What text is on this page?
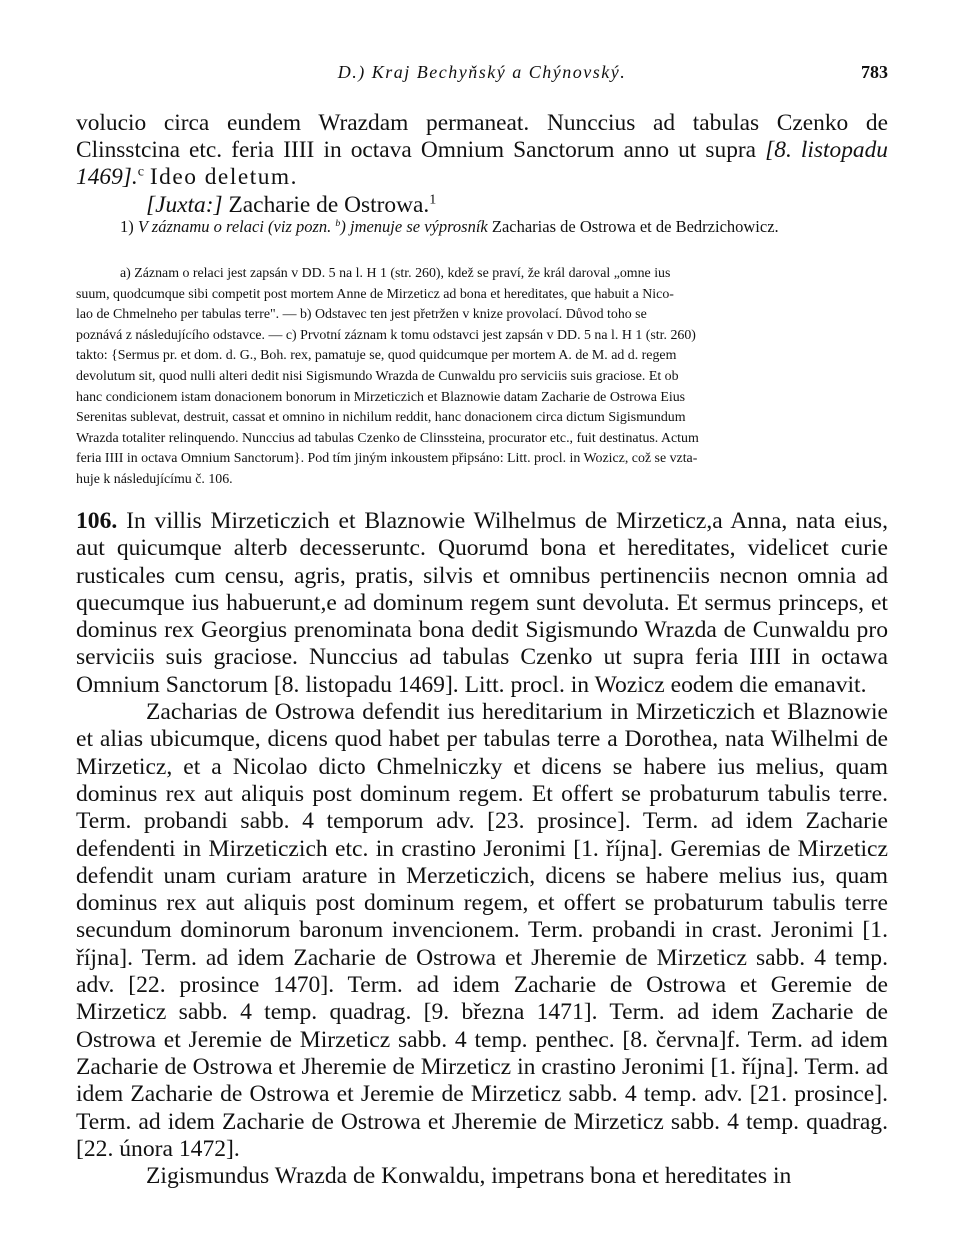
D.) Kraj Bechyňský a Chýnovský.	783

volucio circa eundem Wrazdam permaneat. Nunccius ad tabulas Czenko de Clinsstcina etc. feria IIII in octava Omnium Sanctorum anno ut supra [8. listopadu 1469].$^c$ Ideo deletum.

[Juxta:] Zacharie de Ostrowa.$^1$

1) V záznamu o relaci (viz pozn. $^b$) jmenuje se výprosník Zacharias de Ostrowa et de Bedrzichowicz.
a) Záznam o relaci jest zapsán v DD. 5 na l. H 1 (str. 260), kdež se praví, že král daroval „omne ius
suum, quodcumque sibi competit post mortem Anne de Mirzeticz ad bona et hereditates, que habuit a Nico-
lao de Chmelneho per tabulas terre". — b) Odstavec ten jest přetržen v knize provolací. Důvod toho se
poznává z následujícího odstavce. — c) Prvotní záznam k tomu odstavci jest zapsán v DD. 5 na l. H 1 (str. 260)
takto: {Sermus pr. et dom. d. G., Boh. rex, pamatuje se, quod quidcumque per mortem A. de M. ad d. regem
devolutum sit, quod nulli alteri dedit nisi Sigismundo Wrazda de Cunwaldu pro serviciis suis graciose. Et ob
hanc condicionem istam donacionem bonorum in Mirzeticzich et Blaznowie datam Zacharie de Ostrowa Eius
Serenitas sublevat, destruit, cassat et omnino in nichilum reddit, hanc donacionem circa dictum Sigismundum
Wrazda totaliter relinquendo. Nunccius ad tabulas Czenko de Clinssteina, procurator etc., fuit destinatus. Actum
feria IIII in octava Omnium Sanctorum}. Pod tím jiným inkoustem připsáno: Litt. procl. in Wozicz, což se vzta-
huje k následujícímu č. 106.

106. In villis Mirzeticzich et Blaznowie Wilhelmus de Mirzeticz,a Anna, nata eius, aut quicumque alterb decesseruntc. Quorumd bona et hereditates, videlicet curie rusticales cum censu, agris, pratis, silvis et omnibus pertinenciis necnon omnia ad quecumque ius habuerunt,e ad dominum regem sunt devoluta. Et sermus princeps, et dominus rex Georgius prenominata bona dedit Sigismundo Wrazda de Cunwaldu pro serviciis suis graciose. Nunccius ad tabulas Czenko ut supra feria IIII in octawa Omnium Sanctorum [8. listopadu 1469]. Litt. procl. in Wozicz eodem die emanavit.

Zacharias de Ostrowa defendit ius hereditarium in Mirzeticzich et Blaznowie et alias ubicumque, dicens quod habet per tabulas terre a Dorothea, nata Wilhelmi de Mirzeticz, et a Nicolao dicto Chmelniczky et dicens se habere ius melius, quam dominus rex aut aliquis post dominum regem. Et offert se probaturum tabulis terre. Term. probandi sabb. 4 temporum adv. [23. prosince]. Term. ad idem Zacharie defendenti in Mirzeticzich etc. in crastino Jeronimi [1. října]. Geremias de Mirzeticz defendit unam curiam arature in Merzeticzich, dicens se habere melius ius, quam dominus rex aut aliquis post dominum regem, et offert se probaturum tabulis terre secundum dominorum baronum invencionem. Term. probandi in crast. Jeronimi [1. října]. Term. ad idem Zacharie de Ostrowa et Jheremie de Mirzeticz sabb. 4 temp. adv. [22. prosince 1470]. Term. ad idem Zacharie de Ostrowa et Geremie de Mirzeticz sabb. 4 temp. quadrag. [9. března 1471]. Term. ad idem Zacharie de Ostrowa et Jeremie de Mirzeticz sabb. 4 temp. penthec. [8. června]f. Term. ad idem Zacharie de Ostrowa et Jheremie de Mirzeticz in crastino Jeronimi [1. října]. Term. ad idem Zacharie de Ostrowa et Jeremie de Mirzeticz sabb. 4 temp. adv. [21. prosince]. Term. ad idem Zacharie de Ostrowa et Jheremie de Mirzeticz sabb. 4 temp. quadrag. [22. února 1472].

Zigismundus Wrazda de Konwaldu, impetrans bona et hereditates in
